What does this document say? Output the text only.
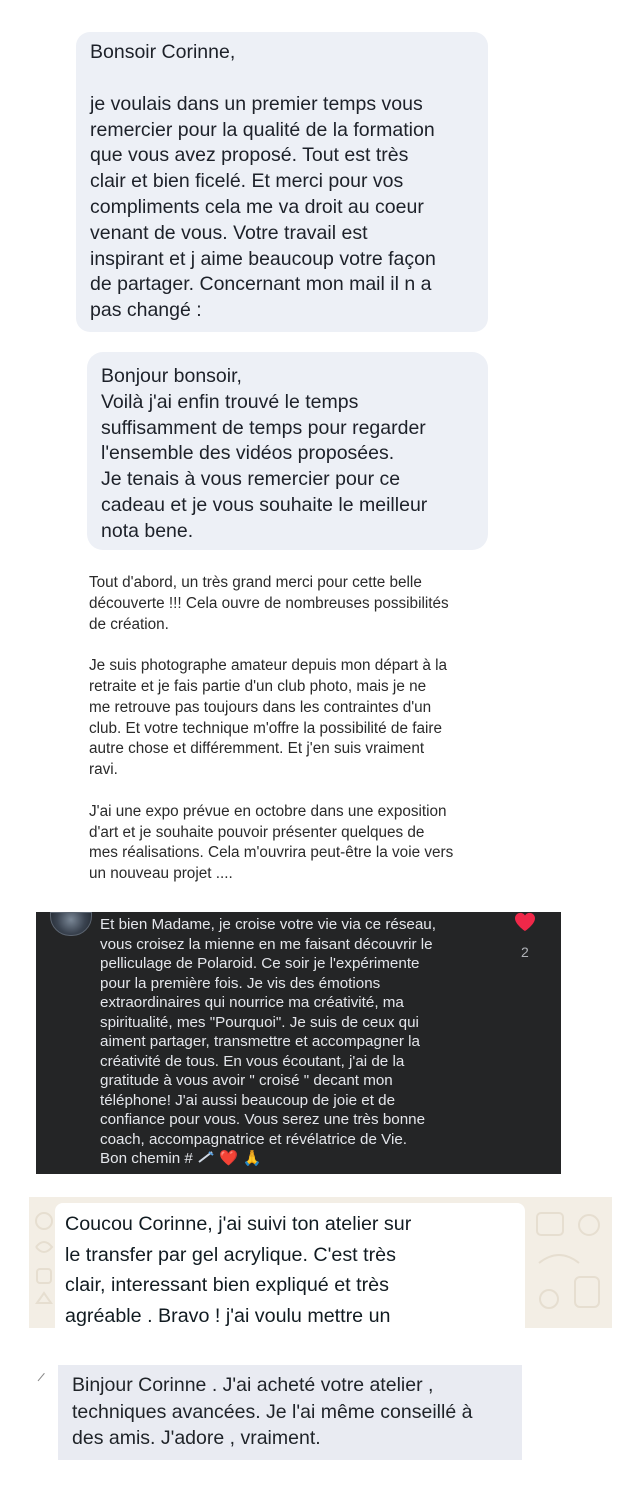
Bonsoir Corinne,

je voulais dans un premier temps vous

remercier pour la qualité de la formation

que vous avez proposé. Tout est très

clair et bien ficelé. Et merci pour vos

compliments cela me va droit au coeur

venant de vous. Votre travail est

inspirant et j aime beaucoup votre façon

de partager. Concernant mon mail il n a

pas changé :

Bonjour bonsoir,

Voilà j'ai enfin trouvé le temps

suffisamment de temps pour regarder

l'ensemble des vidéos proposées.

Je tenais à vous remercier pour ce

cadeau et je vous souhaite le meilleur

nota bene.

Tout d'abord, un très grand merci pour cette belle

découverte !!! Cela ouvre de nombreuses possibilités

de création.

Je suis photographe amateur depuis mon départ à la

retraite et je fais partie d'un club photo, mais je ne

me retrouve pas toujours dans les contraintes d'un

club. Et votre technique m'offre la possibilité de faire

autre chose et différemment. Et j'en suis vraiment

ravi.

J'ai une expo prévue en octobre dans une exposition

d'art et je souhaite pouvoir présenter quelques de

mes réalisations. Cela m'ouvrira peut-être la voie vers

un nouveau projet ....

Et bien Madame, je croise votre vie via ce réseau,
vous croisez la mienne en me faisant découvrir le
pelliculage de Polaroid. Ce soir je l'expérimente
pour la première fois. Je vis des émotions
extraordinaires qui nourrice ma créativité, ma
spiritualité, mes "Pourquoi". Je suis de ceux qui
aiment partager, transmettre et accompagner la
créativité de tous. En vous écoutant, j'ai de la
gratitude à vous avoir " croisé " decant mon
téléphone! J'ai aussi beaucoup de joie et de
confiance pour vous. Vous serez une très bonne
coach, accompagnatrice et révélatrice de Vie.
Bon chemin # ❤️ 🙏
2

Coucou Corinne, j'ai suivi ton atelier sur

le transfer par gel acrylique. C'est très

clair, interessant bien expliqué et très

agréable . Bravo ! j'ai voulu mettre un

Binjour Corinne . J'ai acheté votre atelier ,

techniques avancées. Je l'ai même conseillé à

des amis. J'adore , vraiment.
